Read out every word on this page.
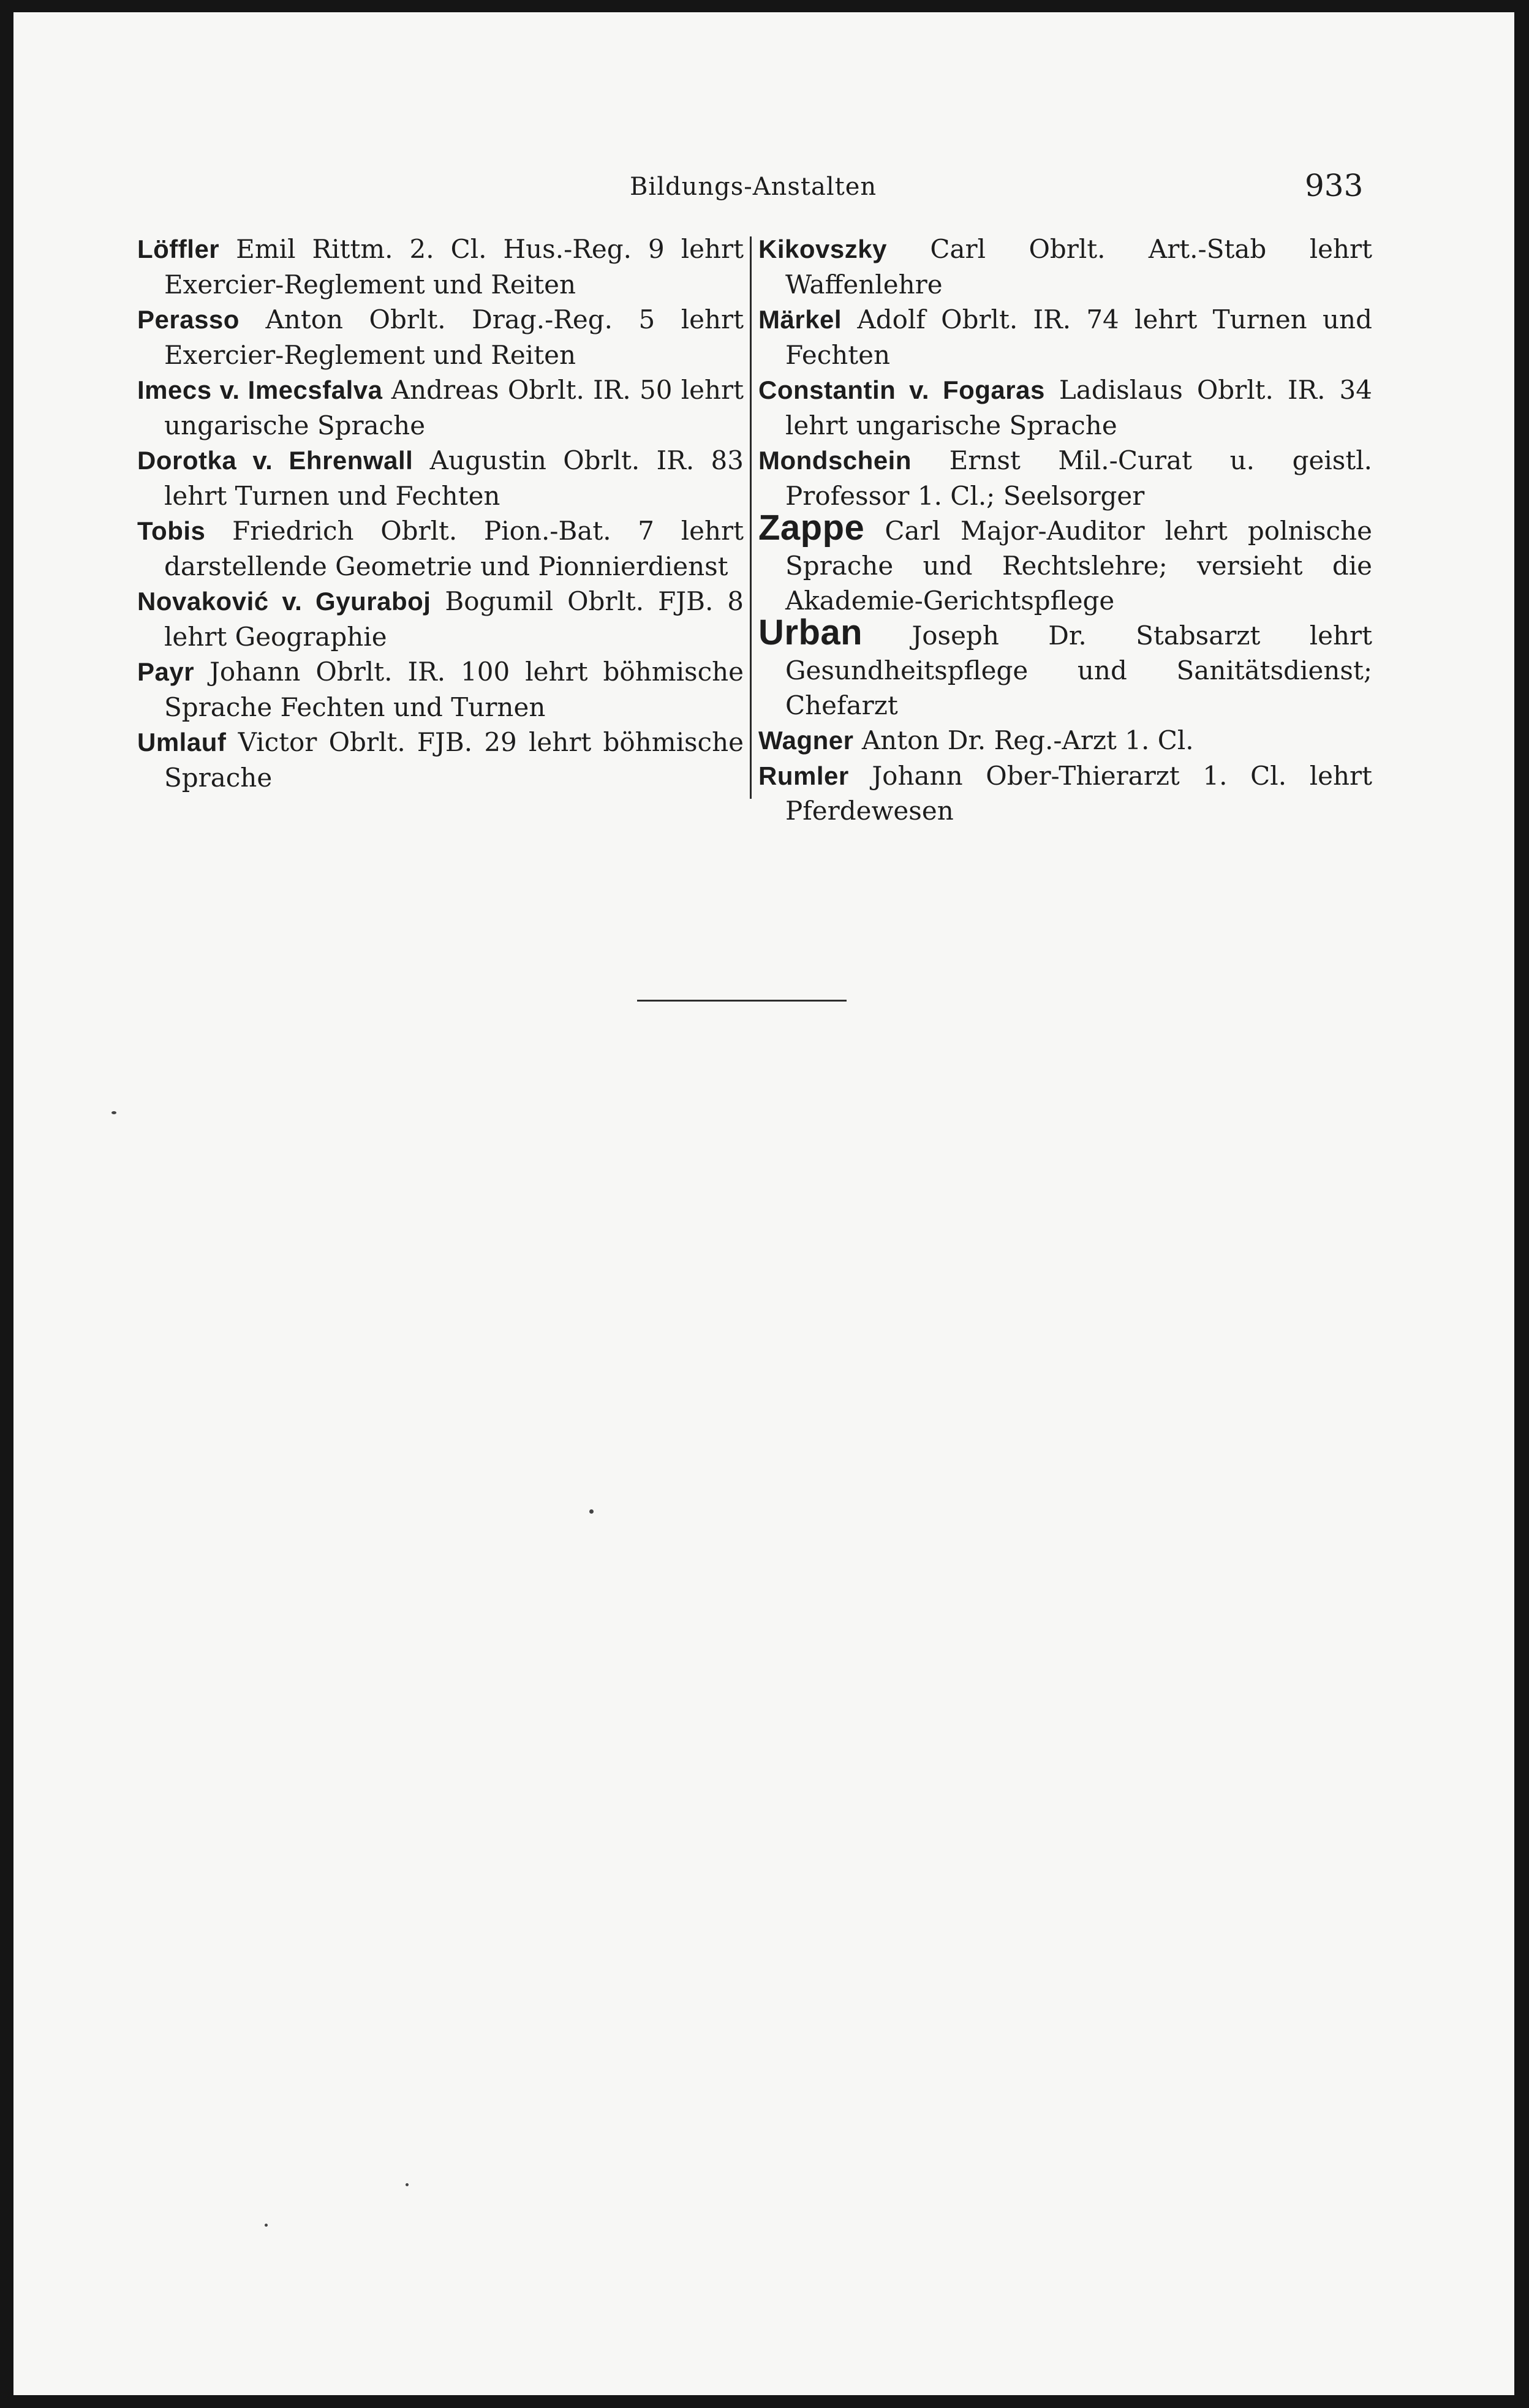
Bildungs-Anstalten	933

Löffler Emil Rittm. 2. Cl. Hus.-Reg. 9 lehrt Exercier-Reglement und Reiten

Perasso Anton Obrlt. Drag.-Reg. 5 lehrt Exercier-Reglement und Reiten

Imecs v. Imecsfalva Andreas Obrlt. IR. 50 lehrt ungarische Sprache

Dorotka v. Ehrenwall Augustin Obrlt. IR. 83 lehrt Turnen und Fechten

Tobis Friedrich Obrlt. Pion.-Bat. 7 lehrt darstellende Geometrie und Pionnierdienst

Novaković v. Gyuraboj Bogumil Obrlt. FJB. 8 lehrt Geographie

Payr Johann Obrlt. IR. 100 lehrt böhmische Sprache Fechten und Turnen

Umlauf Victor Obrlt. FJB. 29 lehrt böhmische Sprache

Kikovszky Carl Obrlt. Art.-Stab lehrt Waffenlehre

Märkel Adolf Obrlt. IR. 74 lehrt Turnen und Fechten

Constantin v. Fogaras Ladislaus Obrlt. IR. 34 lehrt ungarische Sprache

Mondschein Ernst Mil.-Curat u. geistl. Professor 1. Cl.; Seelsorger

Zappe Carl Major-Auditor lehrt polnische Sprache und Rechtslehre; versieht die Akademie-Gerichtspflege

Urban Joseph Dr. Stabsarzt lehrt Gesundheitspflege und Sanitätsdienst; Chefarzt

Wagner Anton Dr. Reg.-Arzt 1. Cl.

Rumler Johann Ober-Thierarzt 1. Cl. lehrt Pferdewesen
